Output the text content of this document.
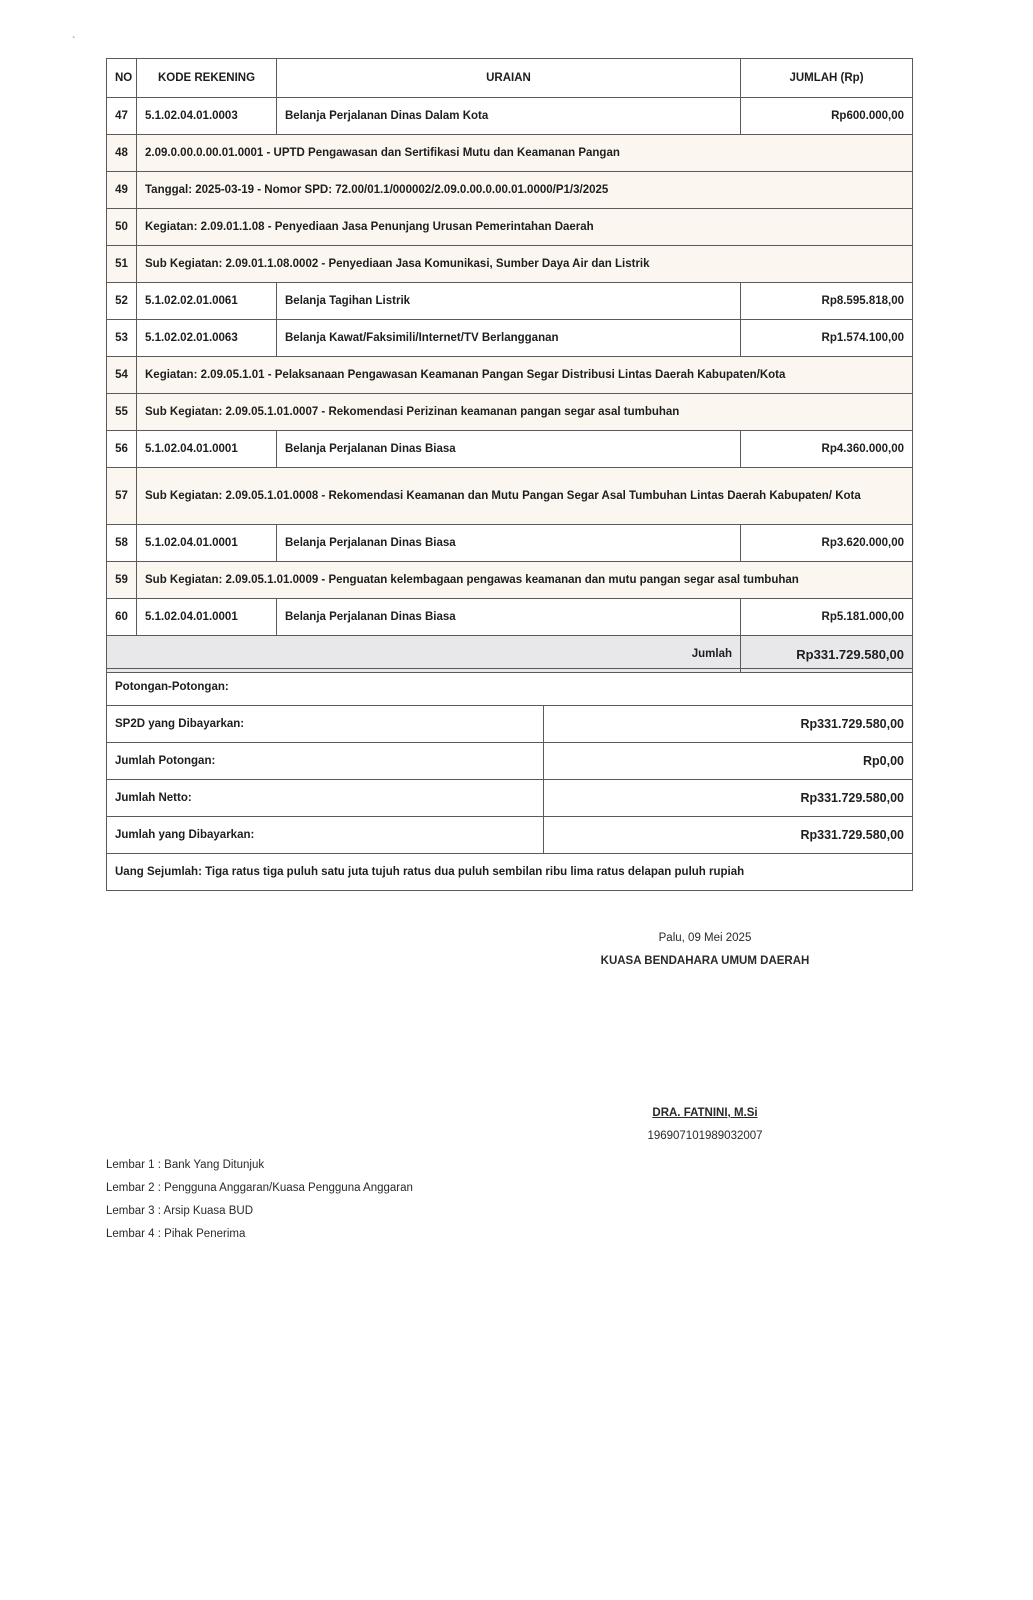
`
NO	KODE REKENING	URAIAN	JUMLAH (Rp)
47	5.1.02.04.01.0003	Belanja Perjalanan Dinas Dalam Kota	Rp600.000,00
48	2.09.0.00.0.00.01.0001 - UPTD Pengawasan dan Sertifikasi Mutu dan Keamanan Pangan		
49	Tanggal: 2025-03-19 - Nomor SPD: 72.00/01.1/000002/2.09.0.00.0.00.01.0000/P1/3/2025		
50	Kegiatan: 2.09.01.1.08 - Penyediaan Jasa Penunjang Urusan Pemerintahan Daerah		
51	Sub Kegiatan: 2.09.01.1.08.0002 - Penyediaan Jasa Komunikasi, Sumber Daya Air dan Listrik		
52	5.1.02.02.01.0061	Belanja Tagihan Listrik	Rp8.595.818,00
53	5.1.02.02.01.0063	Belanja Kawat/Faksimili/Internet/TV Berlangganan	Rp1.574.100,00
54	Kegiatan: 2.09.05.1.01 - Pelaksanaan Pengawasan Keamanan Pangan Segar Distribusi Lintas Daerah Kabupaten/Kota		
55	Sub Kegiatan: 2.09.05.1.01.0007 - Rekomendasi Perizinan keamanan pangan segar asal tumbuhan		
56	5.1.02.04.01.0001	Belanja Perjalanan Dinas Biasa	Rp4.360.000,00
57	Sub Kegiatan: 2.09.05.1.01.0008 - Rekomendasi Keamanan dan Mutu Pangan Segar Asal Tumbuhan Lintas Daerah Kabupaten/ Kota		
58	5.1.02.04.01.0001	Belanja Perjalanan Dinas Biasa	Rp3.620.000,00
59	Sub Kegiatan: 2.09.05.1.01.0009 - Penguatan kelembagaan pengawas keamanan dan mutu pangan segar asal tumbuhan		
60	5.1.02.04.01.0001	Belanja Perjalanan Dinas Biasa	Rp5.181.000,00
Jumlah			Rp331.729.580,00
Potongan-Potongan:	
SP2D yang Dibayarkan:	Rp331.729.580,00
Jumlah Potongan:	Rp0,00
Jumlah Netto:	Rp331.729.580,00
Jumlah yang Dibayarkan:	Rp331.729.580,00
Uang Sejumlah: Tiga ratus tiga puluh satu juta tujuh ratus dua puluh sembilan ribu lima ratus delapan puluh rupiah	
Palu, 09 Mei 2025
KUASA BENDAHARA UMUM DAERAH
DRA. FATNINI, M.Si
196907101989032007
Lembar 1 : Bank Yang Ditunjuk
Lembar 2 : Pengguna Anggaran/Kuasa Pengguna Anggaran
Lembar 3 : Arsip Kuasa BUD
Lembar 4 : Pihak Penerima
